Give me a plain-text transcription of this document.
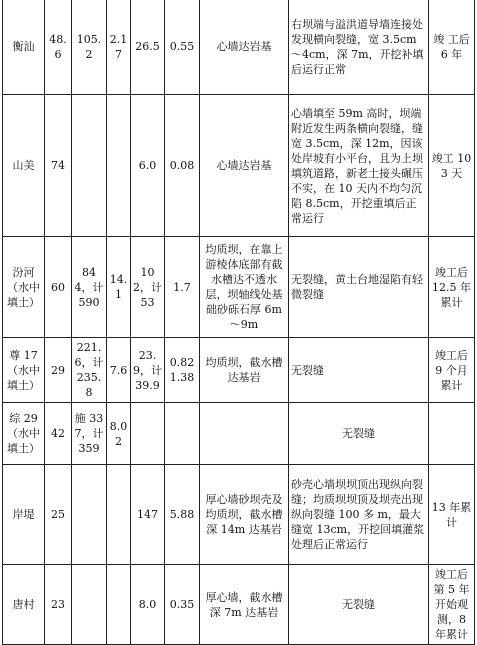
衡汕	48.6	105.2	2.17	26.5	0.55	心墙达岩基	右坝端与溢洪道导墙连接处发现横向裂缝，宽 3.5cm～4cm，深 7m，开挖补填后运行正常	竣 工后 6 年
山美	74			6.0	0.08	心墙达岩基	心墙填至 59m 高时，坝端附近发生两条横向裂缝，缝宽 3.5cm，深 12m，因该处岸坡有小平台，且为上坝填筑道路，新老土接头碾压不实，在 10 天内不均匀沉陷 8.5cm，开挖重填后正常运行	竣工 103 天
汾河（水中填土）	60	844，计 590	14.1	102，计 53	1.7	均质坝，在靠上游棱体底部有截水槽达不透水层，坝轴线处基础砂砾石厚 6m～9m	无裂缝，黄土台地湿陷有轻微裂缝	竣工后 12.5 年累计
尊 17（水中填土）	29	221.6，计 235.8	7.6	23.9，计 39.9	0.82 1.38	均质坝，截水槽达基岩	无裂缝	竣工后 9 个月累计
综 29（水中填土）	42	施 337，计 359	8.02				无裂缝	
岸堤	25			147	5.88	厚心墙砂坝壳及均质坝，截水槽深 14m 达基岩	砂壳心墙坝坝顶出现纵向裂缝；均质坝坝顶及坝壳出现纵向裂缝 100 多 m，最大缝宽 13cm，开挖回填灌浆处理后正常运行	13 年累计
唐村	23			8.0	0.35	厚心墙，截水槽深 7m 达基岩	无裂缝	竣工后第 5 年开始观测，8 年累计
